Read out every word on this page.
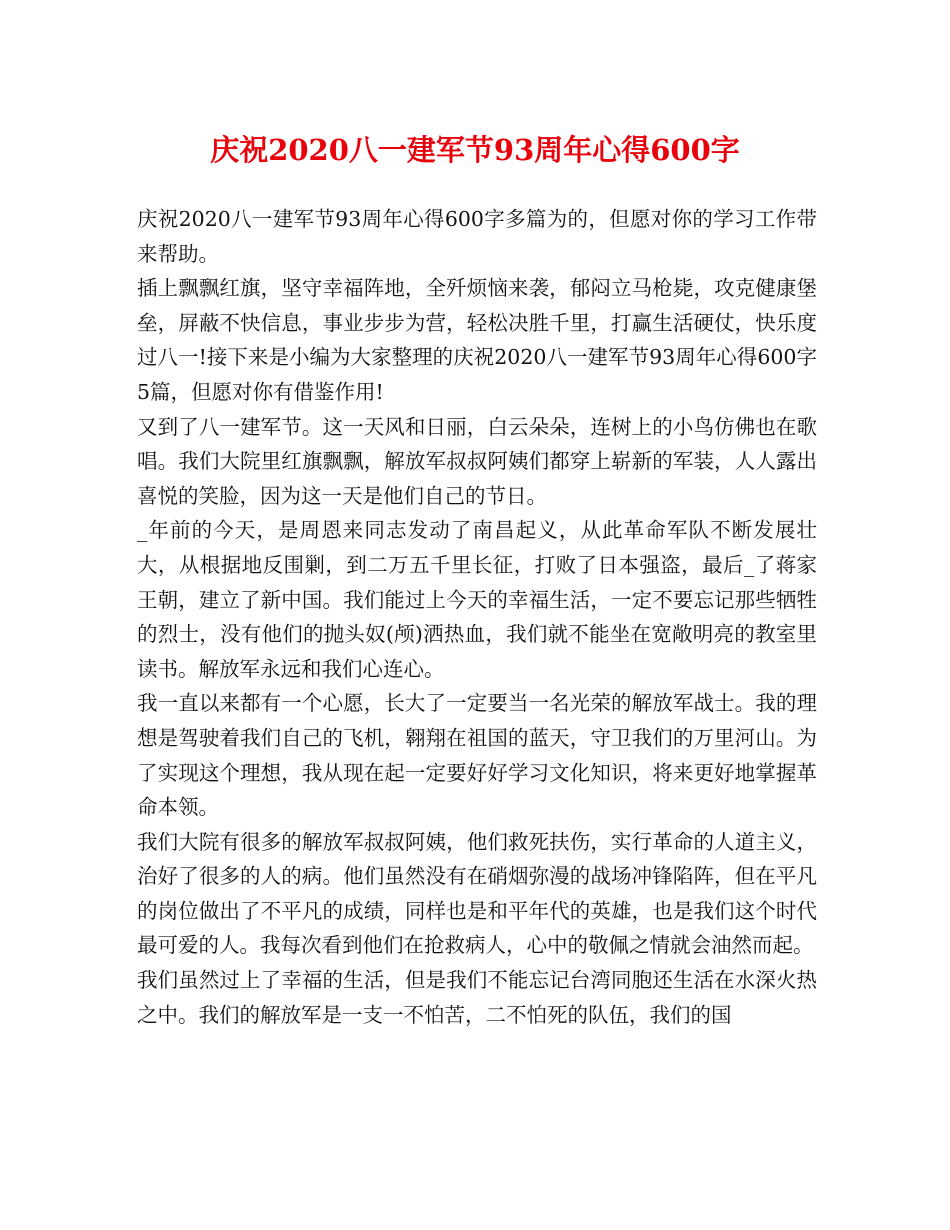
庆祝2020八一建军节93周年心得600字

庆祝2020八一建军节93周年心得600字多篇为的，但愿对你的学习工作带来帮助。

插上飘飘红旗，坚守幸福阵地，全歼烦恼来袭，郁闷立马枪毙，攻克健康堡垒，屏蔽不快信息，事业步步为营，轻松决胜千里，打赢生活硬仗，快乐度过八一!接下来是小编为大家整理的庆祝2020八一建军节93周年心得600字5篇，但愿对你有借鉴作用!

又到了八一建军节。这一天风和日丽，白云朵朵，连树上的小鸟仿佛也在歌唱。我们大院里红旗飘飘，解放军叔叔阿姨们都穿上崭新的军装，人人露出喜悦的笑脸，因为这一天是他们自己的节日。

_年前的今天，是周恩来同志发动了南昌起义，从此革命军队不断发展壮大，从根据地反围剿，到二万五千里长征，打败了日本强盗，最后_了蒋家王朝，建立了新中国。我们能过上今天的幸福生活，一定不要忘记那些牺牲的烈士，没有他们的抛头奴(颅)洒热血，我们就不能坐在宽敞明亮的教室里读书。解放军永远和我们心连心。

我一直以来都有一个心愿，长大了一定要当一名光荣的解放军战士。我的理想是驾驶着我们自己的飞机，翱翔在祖国的蓝天，守卫我们的万里河山。为了实现这个理想，我从现在起一定要好好学习文化知识，将来更好地掌握革命本领。

我们大院有很多的解放军叔叔阿姨，他们救死扶伤，实行革命的人道主义，治好了很多的人的病。他们虽然没有在硝烟弥漫的战场冲锋陷阵，但在平凡的岗位做出了不平凡的成绩，同样也是和平年代的英雄，也是我们这个时代最可爱的人。我每次看到他们在抢救病人，心中的敬佩之情就会油然而起。

我们虽然过上了幸福的生活，但是我们不能忘记台湾同胞还生活在水深火热之中。我们的解放军是一支一不怕苦，二不怕死的队伍，我们的国
